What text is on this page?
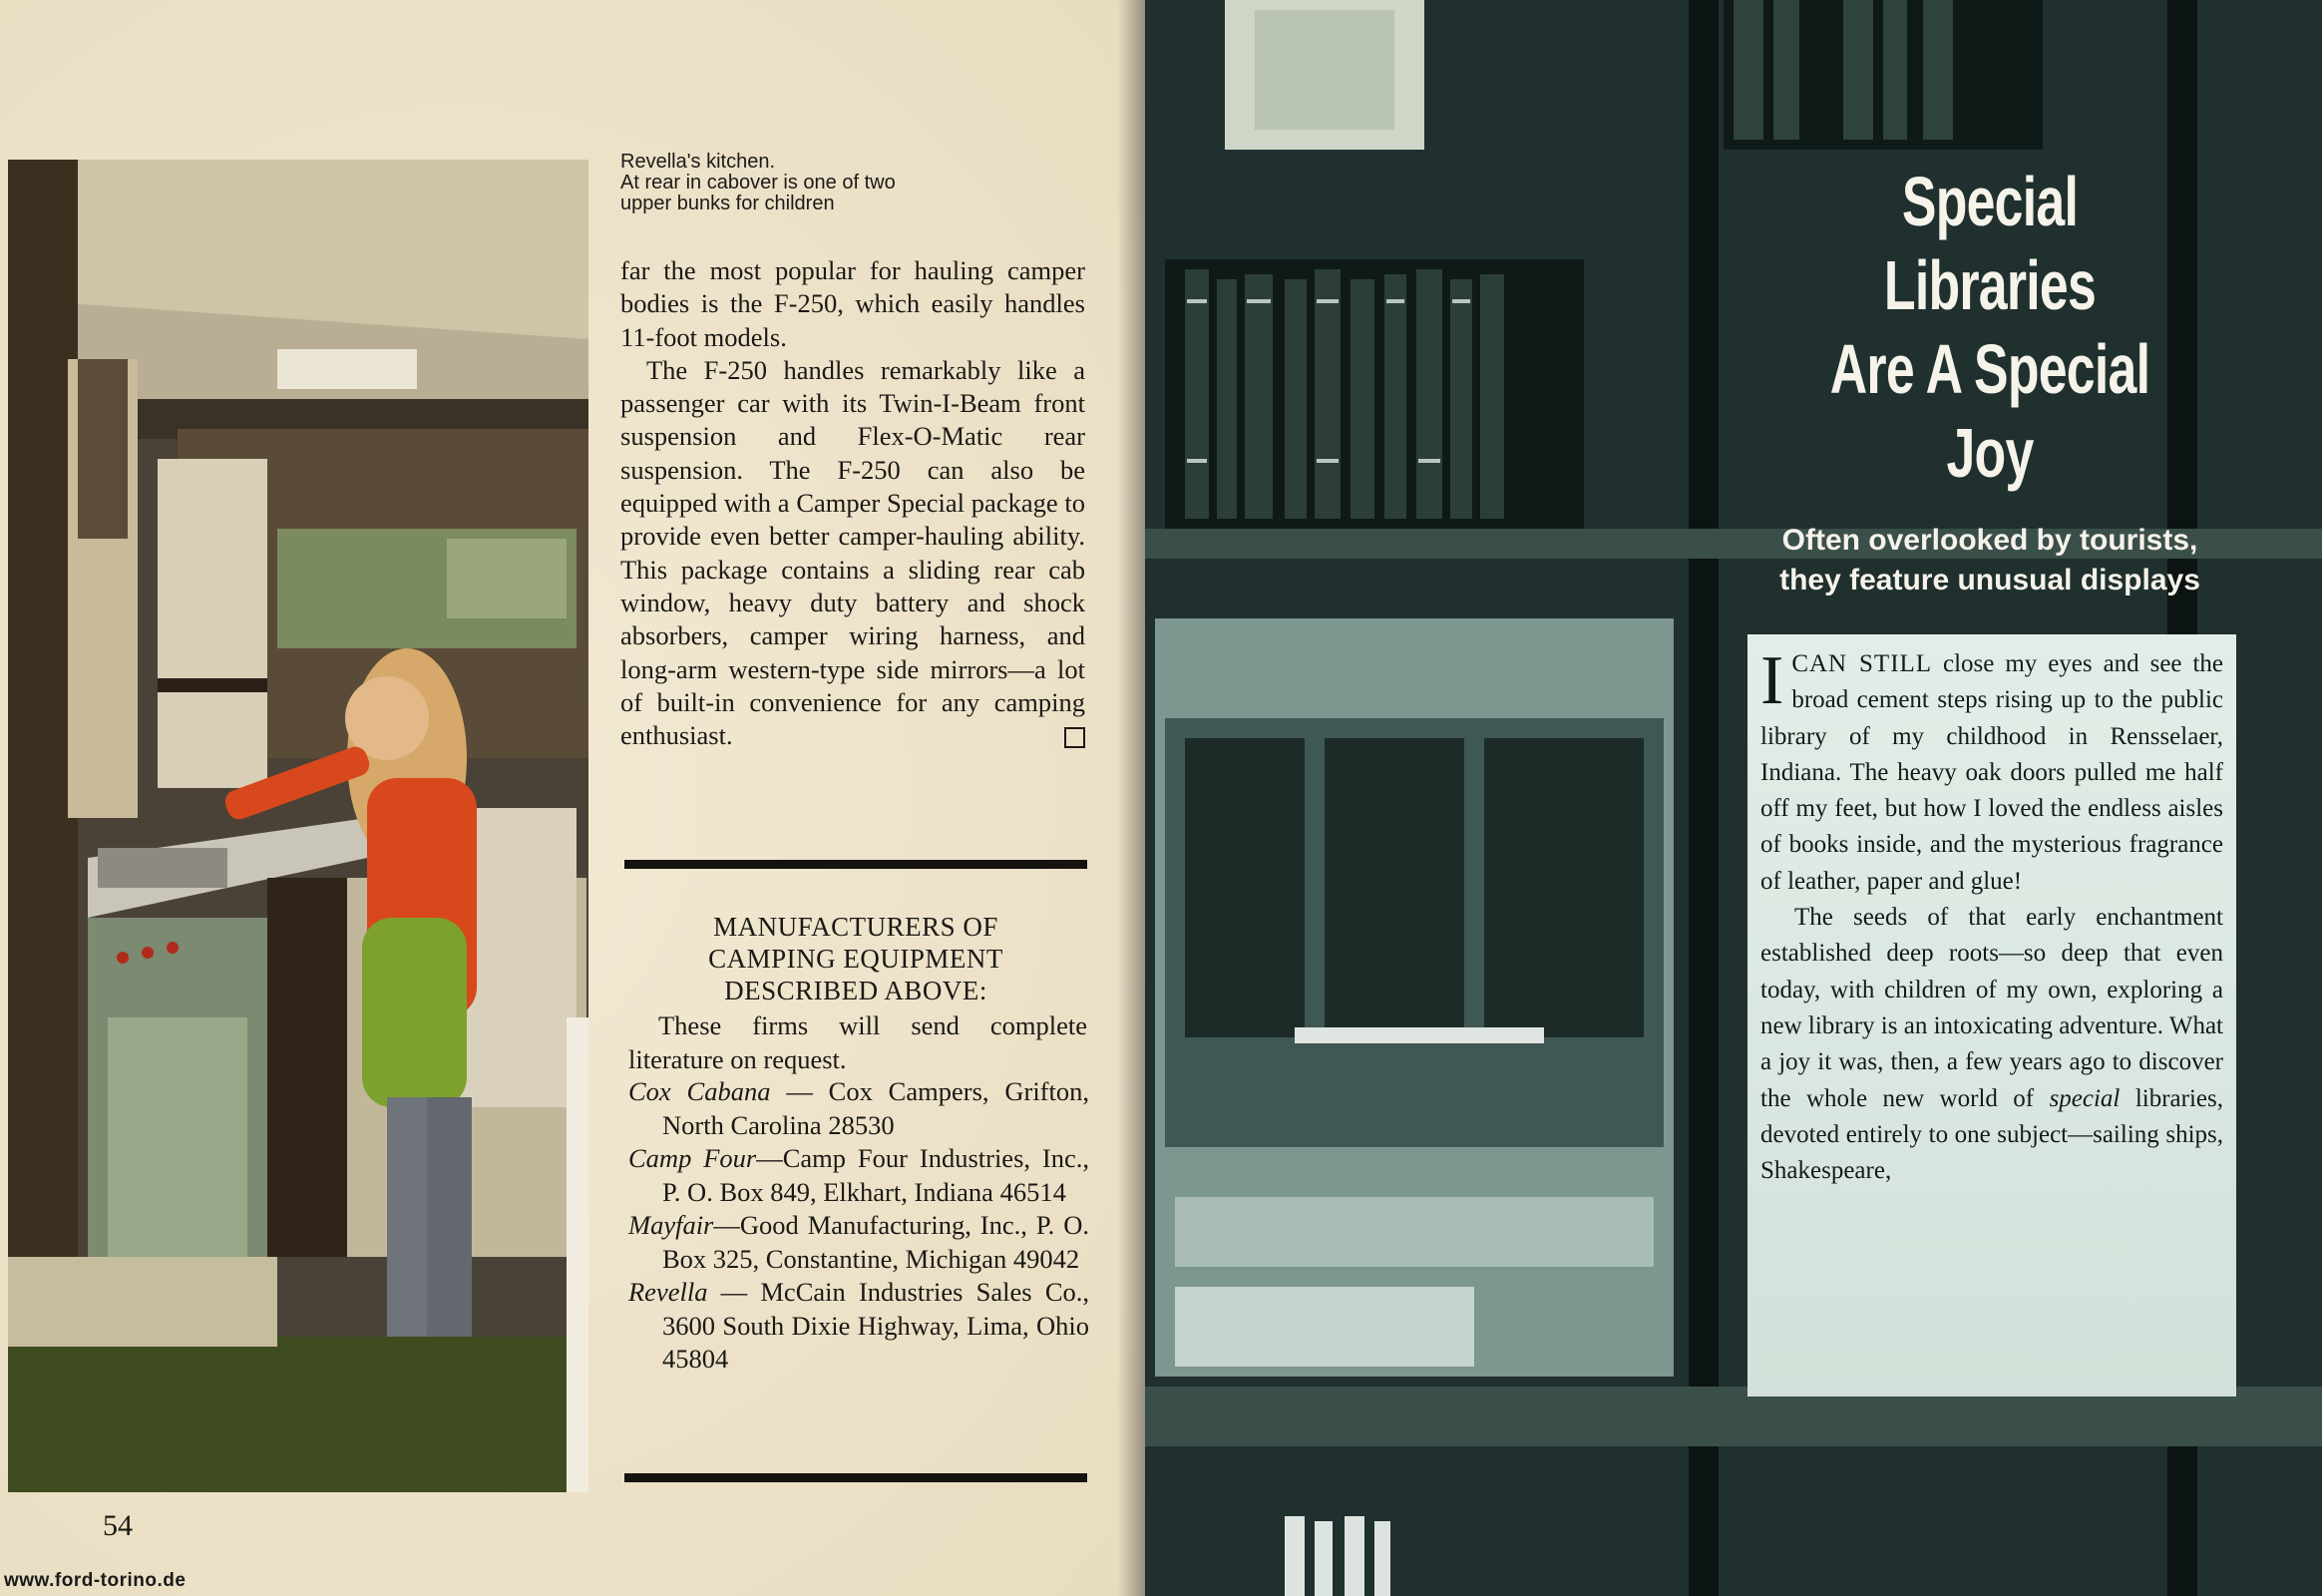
Revella's kitchen.
At rear in cabover is one of two
upper bunks for children

far the most popular for hauling camper bodies is the F-250, which easily handles 11-foot models.

The F-250 handles remarkably like a passenger car with its Twin-I-Beam front suspension and Flex-O-Matic rear suspension. The F-250 can also be equipped with a Camper Special package to provide even better camper-hauling ability. This package contains a sliding rear cab window, heavy duty battery and shock absorbers, camper wiring harness, and long-arm western-type side mirrors—a lot of built-in convenience for any camping enthusiast.

MANUFACTURERS OF
CAMPING EQUIPMENT
DESCRIBED ABOVE:
These firms will send complete literature on request.
Cox Cabana — Cox Campers, Grifton, North Carolina 28530
Camp Four—Camp Four Industries, Inc., P. O. Box 849, Elkhart, Indiana 46514
Mayfair—Good Manufacturing, Inc., P. O. Box 325, Constantine, Michigan 49042
Revella — McCain Industries Sales Co., 3600 South Dixie Highway, Lima, Ohio 45804
54
www.ford-torino.de
Special Libraries
Are A Special Joy
Often overlooked by tourists,
they feature unusual displays

ICAN STILL close my eyes and see the broad cement steps rising up to the public library of my childhood in Rensselaer, Indiana. The heavy oak doors pulled me half off my feet, but how I loved the endless aisles of books inside, and the mysterious fragrance of leather, paper and glue!

The seeds of that early enchantment established deep roots—so deep that even today, with children of my own, exploring a new library is an intoxicating adventure. What a joy it was, then, a few years ago to discover the whole new world of special libraries, devoted entirely to one subject—sailing ships, Shakespeare,
